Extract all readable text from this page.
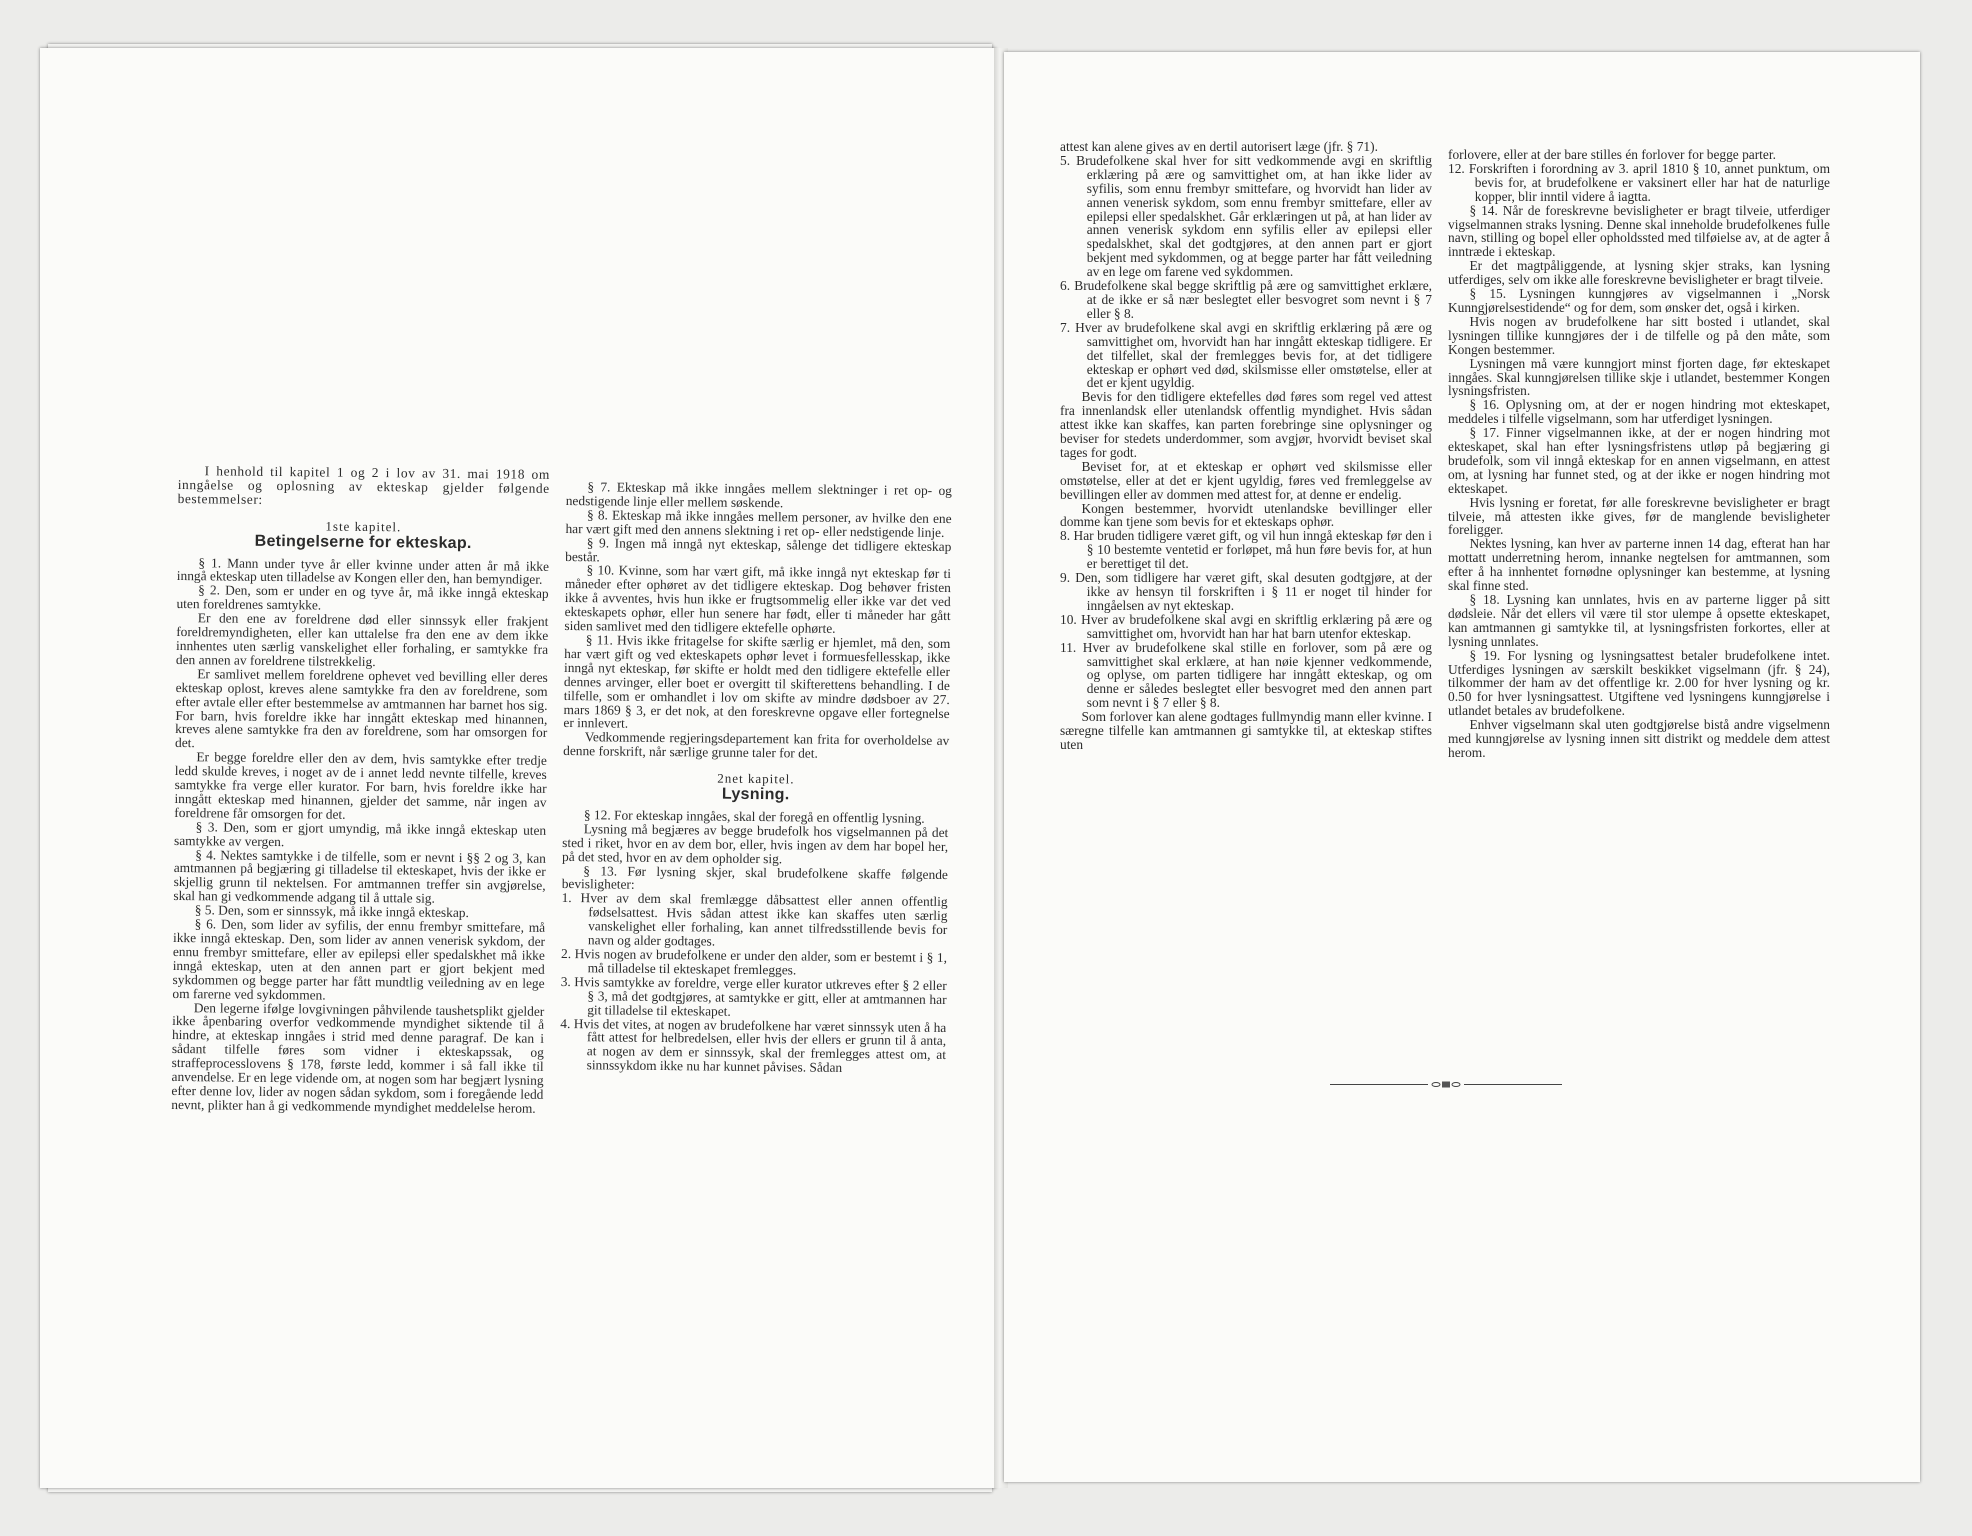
I henhold til kapitel 1 og 2 i lov av 31. mai 1918 om inngåelse og oplosning av ekteskap gjelder følgende bestemmelser:

1ste kapitel.

Betingelserne for ekteskap.

§ 1. Mann under tyve år eller kvinne under atten år må ikke inngå ekteskap uten tilladelse av Kongen eller den, han bemyndiger.

§ 2. Den, som er under en og tyve år, må ikke inngå ekteskap uten foreldrenes samtykke.

Er den ene av foreldrene død eller sinnssyk eller frakjent foreldremyndigheten, eller kan uttalelse fra den ene av dem ikke innhentes uten særlig vanskelighet eller forhaling, er samtykke fra den annen av foreldrene tilstrekkelig.

Er samlivet mellem foreldrene ophevet ved bevilling eller deres ekteskap oplost, kreves alene samtykke fra den av foreldrene, som efter avtale eller efter bestemmelse av amtmannen har barnet hos sig. For barn, hvis foreldre ikke har inngått ekteskap med hinannen, kreves alene samtykke fra den av foreldrene, som har omsorgen for det.

Er begge foreldre eller den av dem, hvis samtykke efter tredje ledd skulde kreves, i noget av de i annet ledd nevnte tilfelle, kreves samtykke fra verge eller kurator. For barn, hvis foreldre ikke har inngått ekteskap med hinannen, gjelder det samme, når ingen av foreldrene får omsorgen for det.

§ 3. Den, som er gjort umyndig, må ikke inngå ekteskap uten samtykke av vergen.

§ 4. Nektes samtykke i de tilfelle, som er nevnt i §§ 2 og 3, kan amtmannen på begjæring gi tilladelse til ekteskapet, hvis der ikke er skjellig grunn til nektelsen. For amtmannen treffer sin avgjørelse, skal han gi vedkommende adgang til å uttale sig.

§ 5. Den, som er sinnssyk, må ikke inngå ekteskap.

§ 6. Den, som lider av syfilis, der ennu frembyr smittefare, må ikke inngå ekteskap. Den, som lider av annen venerisk sykdom, der ennu frembyr smittefare, eller av epilepsi eller spedalskhet må ikke inngå ekteskap, uten at den annen part er gjort bekjent med sykdommen og begge parter har fått mundtlig veiledning av en lege om farerne ved sykdommen.

Den legerne ifølge lovgivningen påhvilende taushetsplikt gjelder ikke åpenbaring overfor vedkommende myndighet siktende til å hindre, at ekteskap inngåes i strid med denne paragraf. De kan i sådant tilfelle føres som vidner i ekteskapssak, og straffeprocesslovens § 178, første ledd, kommer i så fall ikke til anvendelse. Er en lege vidende om, at nogen som har begjært lysning efter denne lov, lider av nogen sådan sykdom, som i foregående ledd nevnt, plikter han å gi vedkommende myndighet meddelelse herom.

§ 7. Ekteskap må ikke inngåes mellem slektninger i ret op- og nedstigende linje eller mellem søskende.

§ 8. Ekteskap må ikke inngåes mellem personer, av hvilke den ene har vært gift med den annens slektning i ret op- eller nedstigende linje.

§ 9. Ingen må inngå nyt ekteskap, sålenge det tidligere ekteskap består.

§ 10. Kvinne, som har vært gift, må ikke inngå nyt ekteskap før ti måneder efter ophøret av det tidligere ekteskap. Dog behøver fristen ikke å avventes, hvis hun ikke er frugtsommelig eller ikke var det ved ekteskapets ophør, eller hun senere har født, eller ti måneder har gått siden samlivet med den tidligere ektefelle ophørte.

§ 11. Hvis ikke fritagelse for skifte særlig er hjemlet, må den, som har vært gift og ved ekteskapets ophør levet i formuesfellesskap, ikke inngå nyt ekteskap, før skifte er holdt med den tidligere ektefelle eller dennes arvinger, eller boet er overgitt til skifterettens behandling. I de tilfelle, som er omhandlet i lov om skifte av mindre dødsboer av 27. mars 1869 § 3, er det nok, at den foreskrevne opgave eller fortegnelse er innlevert.

Vedkommende regjeringsdepartement kan frita for overholdelse av denne forskrift, når særlige grunne taler for det.

2net kapitel.

Lysning.

§ 12. For ekteskap inngåes, skal der foregå en offentlig lysning.

Lysning må begjæres av begge brudefolk hos vigselmannen på det sted i riket, hvor en av dem bor, eller, hvis ingen av dem har bopel her, på det sted, hvor en av dem opholder sig.

§ 13. Før lysning skjer, skal brudefolkene skaffe følgende bevisligheter:

1. Hver av dem skal fremlægge dåbsattest eller annen offentlig fødselsattest. Hvis sådan attest ikke kan skaffes uten særlig vanskelighet eller forhaling, kan annet tilfredsstillende bevis for navn og alder godtages.

2. Hvis nogen av brudefolkene er under den alder, som er bestemt i § 1, må tilladelse til ekteskapet fremlegges.

3. Hvis samtykke av foreldre, verge eller kurator utkreves efter § 2 eller § 3, må det godtgjøres, at samtykke er gitt, eller at amtmannen har git tilladelse til ekteskapet.

4. Hvis det vites, at nogen av brudefolkene har været sinnssyk uten å ha fått attest for helbredelsen, eller hvis der ellers er grunn til å anta, at nogen av dem er sinnssyk, skal der fremlegges attest om, at sinnssykdom ikke nu har kunnet påvises. Sådan

attest kan alene gives av en dertil autorisert læge (jfr. § 71).

5. Brudefolkene skal hver for sitt vedkommende avgi en skriftlig erklæring på ære og samvittighet om, at han ikke lider av syfilis, som ennu frembyr smittefare, og hvorvidt han lider av annen venerisk sykdom, som ennu frembyr smittefare, eller av epilepsi eller spedalskhet. Går erklæringen ut på, at han lider av annen venerisk sykdom enn syfilis eller av epilepsi eller spedalskhet, skal det godtgjøres, at den annen part er gjort bekjent med sykdommen, og at begge parter har fått veiledning av en lege om farene ved sykdommen.

6. Brudefolkene skal begge skriftlig på ære og samvittighet erklære, at de ikke er så nær beslegtet eller besvogret som nevnt i § 7 eller § 8.

7. Hver av brudefolkene skal avgi en skriftlig erklæring på ære og samvittighet om, hvorvidt han har inngått ekteskap tidligere. Er det tilfellet, skal der fremlegges bevis for, at det tidligere ekteskap er ophørt ved død, skilsmisse eller omstøtelse, eller at det er kjent ugyldig.

Bevis for den tidligere ektefelles død føres som regel ved attest fra innenlandsk eller utenlandsk offentlig myndighet. Hvis sådan attest ikke kan skaffes, kan parten forebringe sine oplysninger og beviser for stedets underdommer, som avgjør, hvorvidt beviset skal tages for godt.

Beviset for, at et ekteskap er ophørt ved skilsmisse eller omstøtelse, eller at det er kjent ugyldig, føres ved fremleggelse av bevillingen eller av dommen med attest for, at denne er endelig.

Kongen bestemmer, hvorvidt utenlandske bevillinger eller domme kan tjene som bevis for et ekteskaps ophør.

8. Har bruden tidligere været gift, og vil hun inngå ekteskap før den i § 10 bestemte ventetid er forløpet, må hun føre bevis for, at hun er berettiget til det.

9. Den, som tidligere har været gift, skal desuten godtgjøre, at der ikke av hensyn til forskriften i § 11 er noget til hinder for inngåelsen av nyt ekteskap.

10. Hver av brudefolkene skal avgi en skriftlig erklæring på ære og samvittighet om, hvorvidt han har hat barn utenfor ekteskap.

11. Hver av brudefolkene skal stille en forlover, som på ære og samvittighet skal erklære, at han nøie kjenner vedkommende, og oplyse, om parten tidligere har inngått ekteskap, og om denne er således beslegtet eller besvogret med den annen part som nevnt i § 7 eller § 8.

Som forlover kan alene godtages fullmyndig mann eller kvinne. I særegne tilfelle kan amtmannen gi samtykke til, at ekteskap stiftes uten

forlovere, eller at der bare stilles én forlover for begge parter.

12. Forskriften i forordning av 3. april 1810 § 10, annet punktum, om bevis for, at brudefolkene er vaksinert eller har hat de naturlige kopper, blir inntil videre å iagtta.

§ 14. Når de foreskrevne bevisligheter er bragt tilveie, utferdiger vigselmannen straks lysning. Denne skal inneholde brudefolkenes fulle navn, stilling og bopel eller opholdssted med tilføielse av, at de agter å inntræde i ekteskap.

Er det magtpåliggende, at lysning skjer straks, kan lysning utferdiges, selv om ikke alle foreskrevne bevisligheter er bragt tilveie.

§ 15. Lysningen kunngjøres av vigselmannen i „Norsk Kunngjørelsestidende“ og for dem, som ønsker det, også i kirken.

Hvis nogen av brudefolkene har sitt bosted i utlandet, skal lysningen tillike kunngjøres der i de tilfelle og på den måte, som Kongen bestemmer.

Lysningen må være kunngjort minst fjorten dage, før ekteskapet inngåes. Skal kunngjørelsen tillike skje i utlandet, bestemmer Kongen lysningsfristen.

§ 16. Oplysning om, at der er nogen hindring mot ekteskapet, meddeles i tilfelle vigselmann, som har utferdiget lysningen.

§ 17. Finner vigselmannen ikke, at der er nogen hindring mot ekteskapet, skal han efter lysningsfristens utløp på begjæring gi brudefolk, som vil inngå ekteskap for en annen vigselmann, en attest om, at lysning har funnet sted, og at der ikke er nogen hindring mot ekteskapet.

Hvis lysning er foretat, før alle foreskrevne bevisligheter er bragt tilveie, må attesten ikke gives, før de manglende bevisligheter foreligger.

Nektes lysning, kan hver av parterne innen 14 dag, efterat han har mottatt underretning herom, innanke negtelsen for amtmannen, som efter å ha innhentet fornødne oplysninger kan bestemme, at lysning skal finne sted.

§ 18. Lysning kan unnlates, hvis en av parterne ligger på sitt dødsleie. Når det ellers vil være til stor ulempe å opsette ekteskapet, kan amtmannen gi samtykke til, at lysningsfristen forkortes, eller at lysning unnlates.

§ 19. For lysning og lysningsattest betaler brudefolkene intet. Utferdiges lysningen av særskilt beskikket vigselmann (jfr. § 24), tilkommer der ham av det offentlige kr. 2.00 for hver lysning og kr. 0.50 for hver lysningsattest. Utgiftene ved lysningens kunngjørelse i utlandet betales av brudefolkene.

Enhver vigselmann skal uten godtgjørelse bistå andre vigselmenn med kunngjørelse av lysning innen sitt distrikt og meddele dem attest herom.
